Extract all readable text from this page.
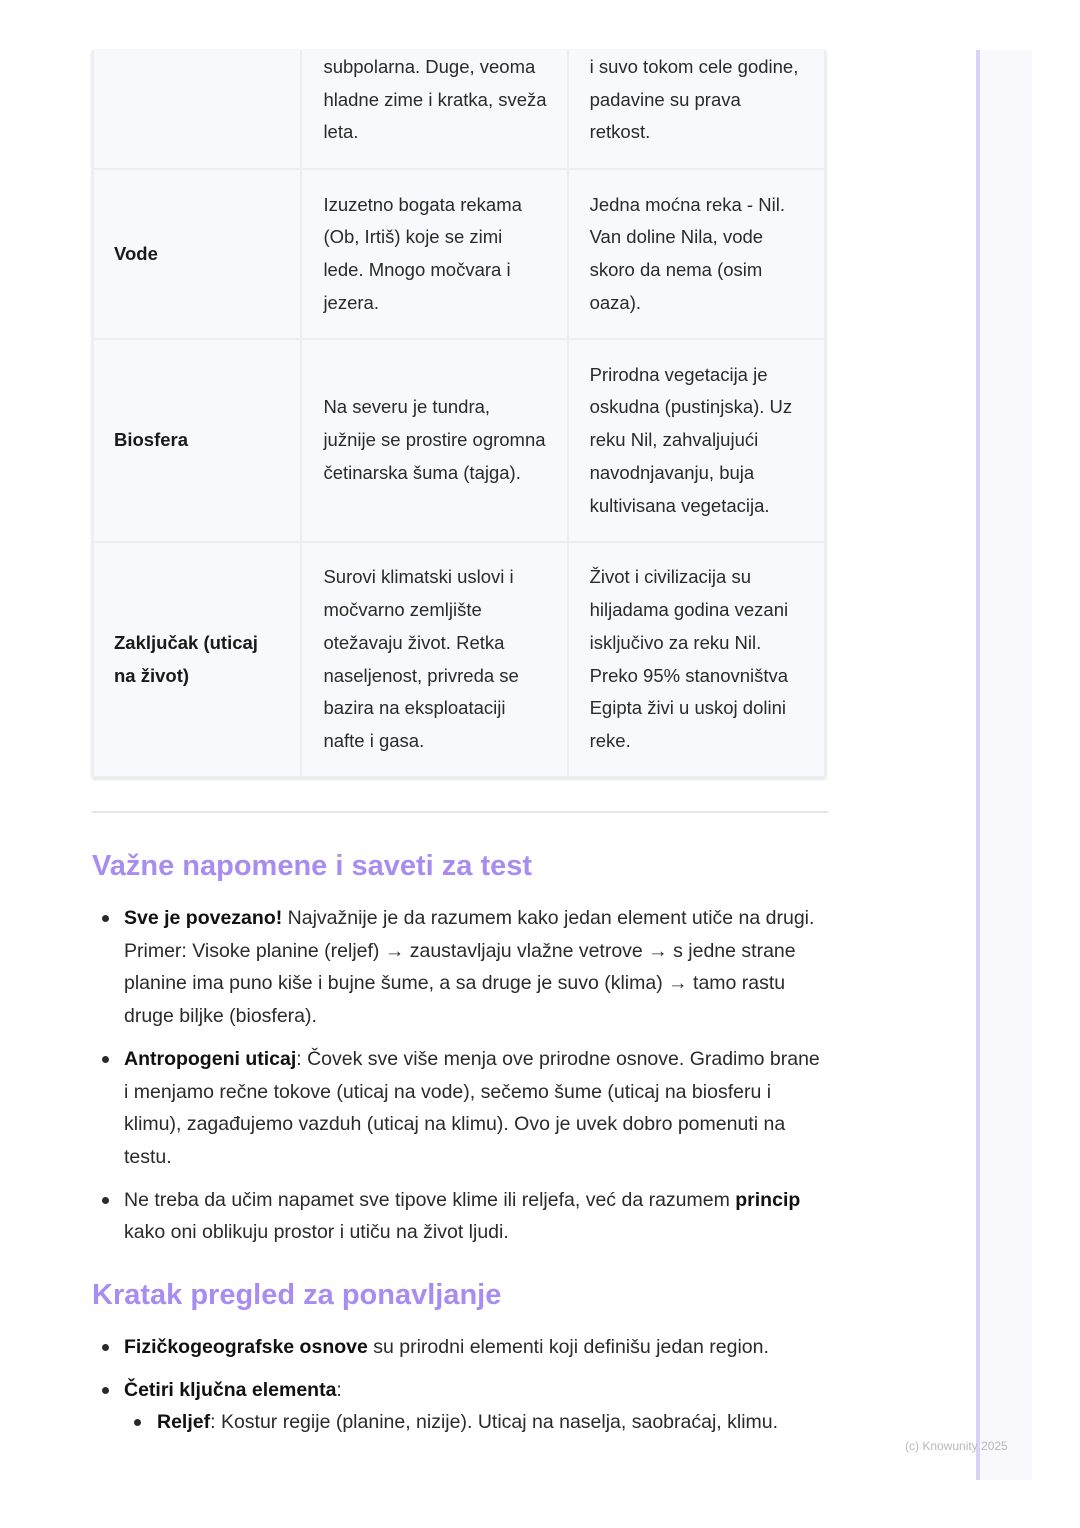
	subpolarna. Duge, veoma hladne zime i kratka, sveža leta.	i suvo tokom cele godine, padavine su prava retkost.
Vode	Izuzetno bogata rekama (Ob, Irtiš) koje se zimi lede. Mnogo močvara i jezera.	Jedna moćna reka - Nil. Van doline Nila, vode skoro da nema (osim oaza).
Biosfera	Na severu je tundra, južnije se prostire ogromna četinarska šuma (tajga).	Prirodna vegetacija je oskudna (pustinjska). Uz reku Nil, zahvaljujući navodnjavanju, buja kultivisana vegetacija.
Zaključak (uticaj na život)	Surovi klimatski uslovi i močvarno zemljište otežavaju život. Retka naseljenost, privreda se bazira na eksploataciji nafte i gasa.	Život i civilizacija su hiljadama godina vezani isključivo za reku Nil. Preko 95% stanovništva Egipta živi u uskoj dolini reke.
Važne napomene i saveti za test
Sve je povezano! Najvažnije je da razumem kako jedan element utiče na drugi. Primer: Visoke planine (reljef) → zaustavljaju vlažne vetrove → s jedne strane planine ima puno kiše i bujne šume, a sa druge je suvo (klima) → tamo rastu druge biljke (biosfera).
Antropogeni uticaj: Čovek sve više menja ove prirodne osnove. Gradimo brane i menjamo rečne tokove (uticaj na vode), sečemo šume (uticaj na biosferu i klimu), zagađujemo vazduh (uticaj na klimu). Ovo je uvek dobro pomenuti na testu.
Ne treba da učim napamet sve tipove klime ili reljefa, već da razumem princip kako oni oblikuju prostor i utiču na život ljudi.
Kratak pregled za ponavljanje
Fizičkogeografske osnove su prirodni elementi koji definišu jedan region.
Četiri ključna elementa:
Reljef: Kostur regije (planine, nizije). Uticaj na naselja, saobraćaj, klimu.
(c) Knowunity 2025
